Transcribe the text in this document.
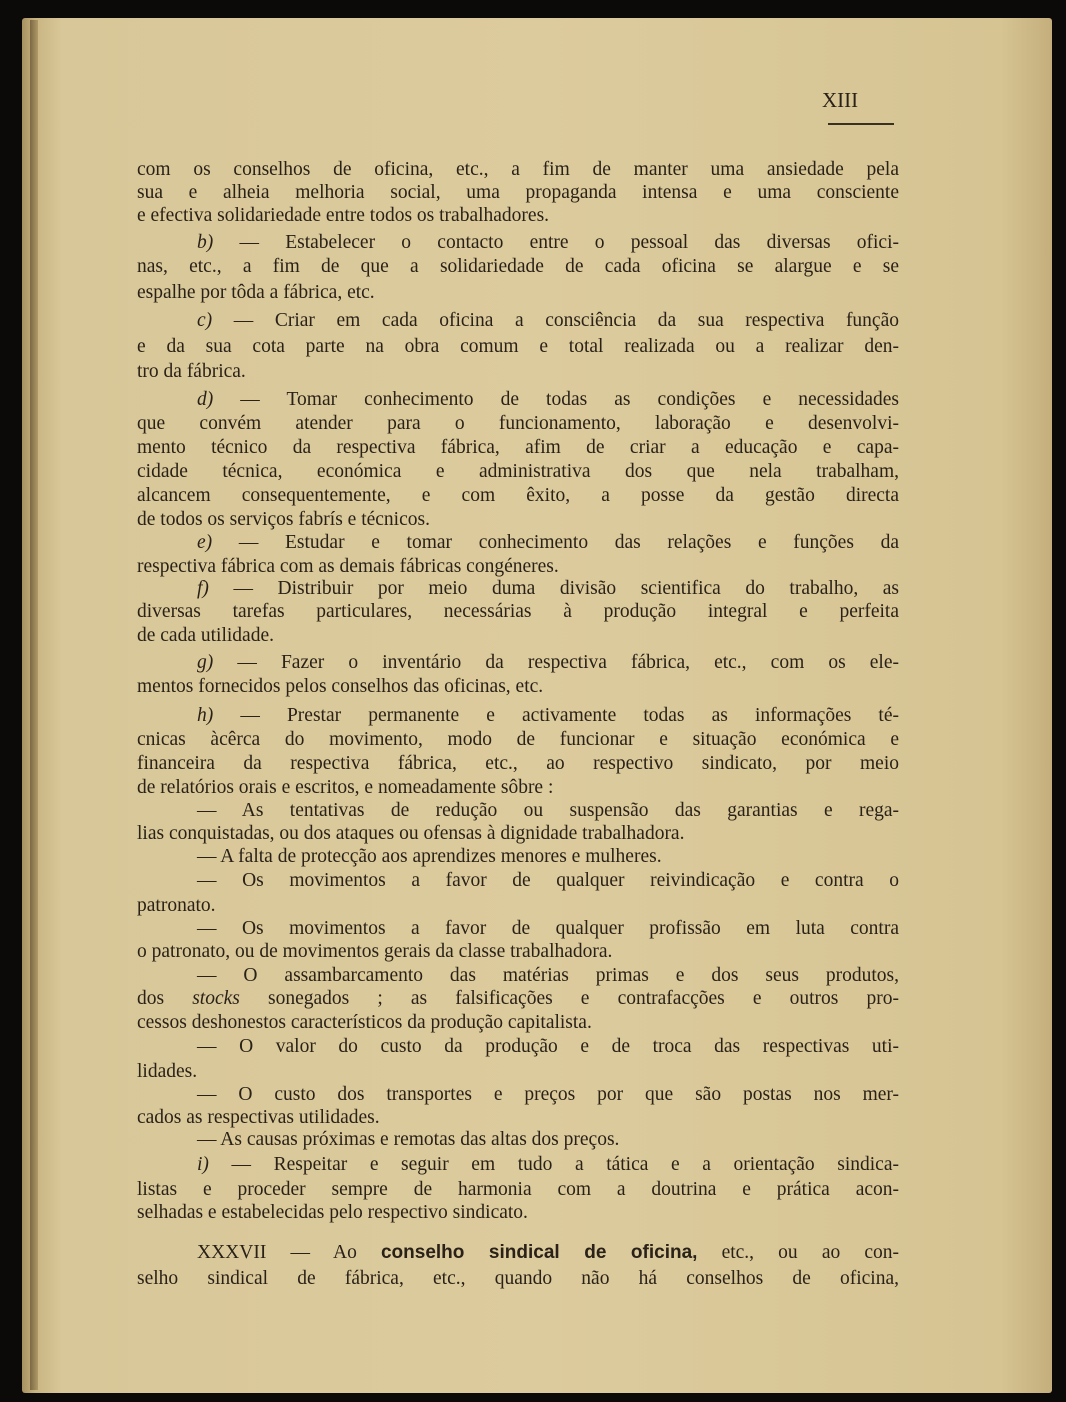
XIII
com os conselhos de oficina, etc., a fim de manter uma ansiedade pela
sua e alheia melhoria social, uma propaganda intensa e uma consciente
e efectiva solidariedade entre todos os trabalhadores.
b) — Estabelecer o contacto entre o pessoal das diversas ofici-
nas, etc., a fim de que a solidariedade de cada oficina se alargue e se
espalhe por tôda a fábrica, etc.
c) — Criar em cada oficina a consciência da sua respectiva função
e da sua cota parte na obra comum e total realizada ou a realizar den-
tro da fábrica.
d) — Tomar conhecimento de todas as condições e necessidades
que convém atender para o funcionamento, laboração e desenvolvi-
mento técnico da respectiva fábrica, afim de criar a educação e capa-
cidade técnica, económica e administrativa dos que nela trabalham,
alcancem consequentemente, e com êxito, a posse da gestão directa
de todos os serviços fabrís e técnicos.
e) — Estudar e tomar conhecimento das relações e funções da
respectiva fábrica com as demais fábricas congéneres.
f) — Distribuir por meio duma divisão scientifica do trabalho, as
diversas tarefas particulares, necessárias à produção integral e perfeita
de cada utilidade.
g) — Fazer o inventário da respectiva fábrica, etc., com os ele-
mentos fornecidos pelos conselhos das oficinas, etc.
h) — Prestar permanente e activamente todas as informações té-
cnicas àcêrca do movimento, modo de funcionar e situação económica e
financeira da respectiva fábrica, etc., ao respectivo sindicato, por meio
de relatórios orais e escritos, e nomeadamente sôbre :
— As tentativas de redução ou suspensão das garantias e rega-
lias conquistadas, ou dos ataques ou ofensas à dignidade trabalhadora.
— A falta de protecção aos aprendizes menores e mulheres.
— Os movimentos a favor de qualquer reivindicação e contra o
patronato.
— Os movimentos a favor de qualquer profissão em luta contra
o patronato, ou de movimentos gerais da classe trabalhadora.
— O assambarcamento das matérias primas e dos seus produtos,
dos stocks sonegados ; as falsificações e contrafacções e outros pro-
cessos deshonestos característicos da produção capitalista.
— O valor do custo da produção e de troca das respectivas uti-
lidades.
— O custo dos transportes e preços por que são postas nos mer-
cados as respectivas utilidades.
— As causas próximas e remotas das altas dos preços.
i) — Respeitar e seguir em tudo a tática e a orientação sindica-
listas e proceder sempre de harmonia com a doutrina e prática acon-
selhadas e estabelecidas pelo respectivo sindicato.
XXXVII — Ao conselho sindical de oficina, etc., ou ao con-
selho sindical de fábrica, etc., quando não há conselhos de oficina,
